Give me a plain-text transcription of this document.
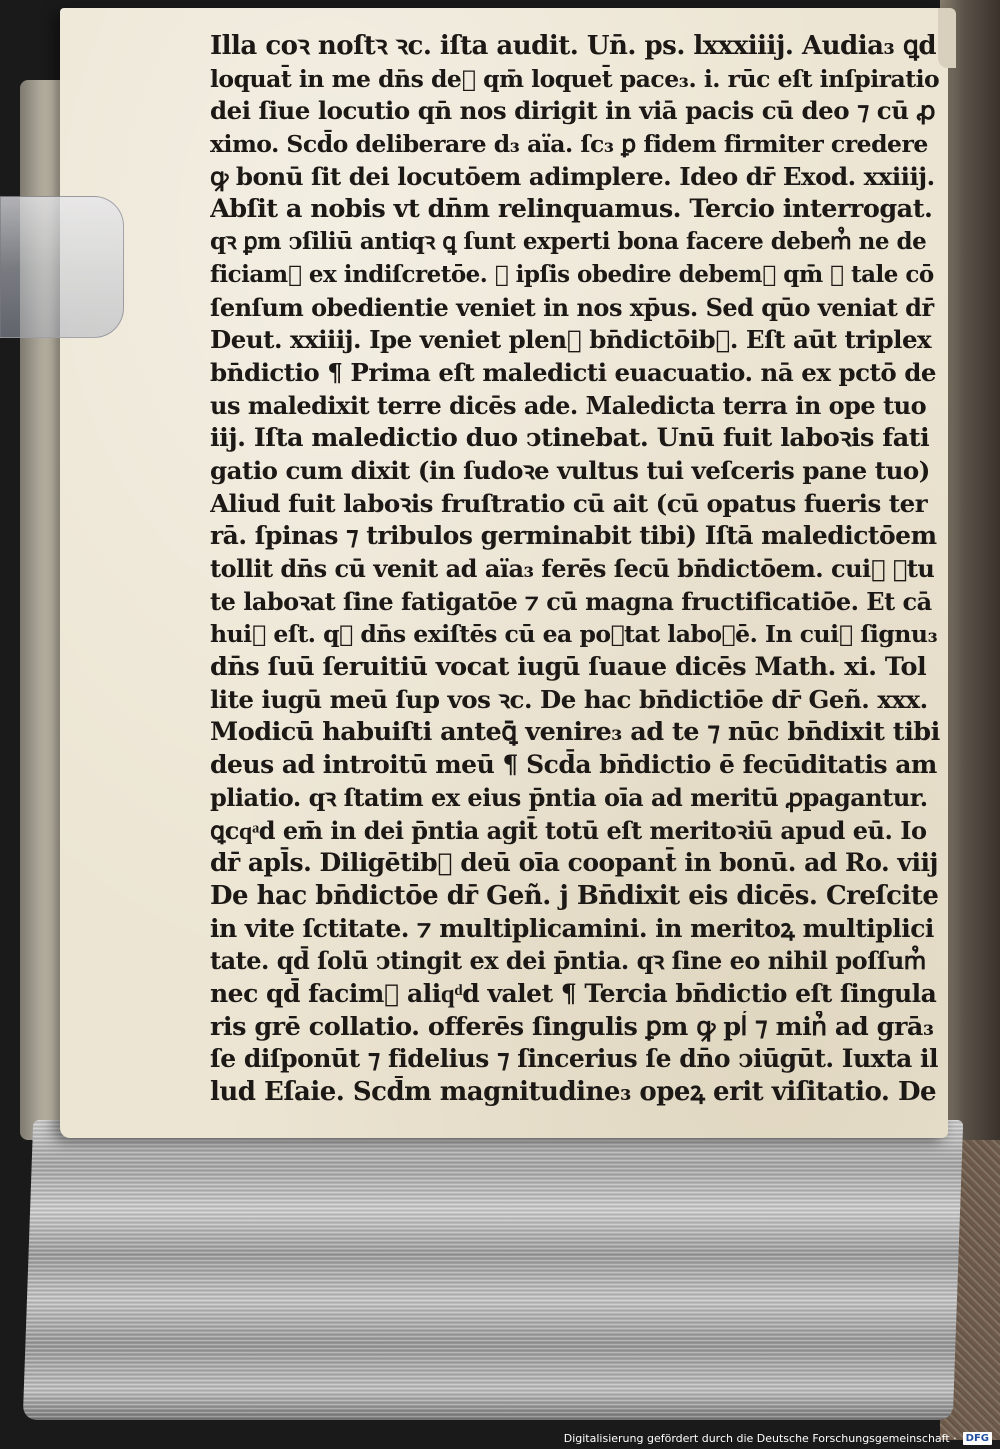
Illa coꝛ noſtꝛ ꝛc. iſta audit. Un̄. ps. lxxxiiij. Audia₃ ꝗd
loquat̄ in me dn̄s de᷒ qm̄ loquet̄ pace₃. i. rūc eſt inſpiratio
dei ſiue locutio qn̄ nos dirigit in viā pacis cū deo ⁊ cū ꝓ
ximo. Scd̄o deliberare d₃ aïa. ſc₃ ꝑ fidem firmiter credere
ꝙ bonū ſit dei locutōem adimplere. Ideo dr̄ Exod. xxiiij.
Abſit a nobis vt dn̄m relinquamus. Tercio interrogat.
qꝛ ꝑm ↄſiliū antiqꝛ ꝗ ſunt experti bona facere debem᷒ ne de
ficiam᷒ ex indiſcretōe. ⁊ ipſis obedire debem᷒ qm̄ ꝑ tale cō
ſenſum obedientie veniet in nos xp̄us. Sed qūo veniat dr̄
Deut. xxiiij. Ipe veniet plen᷒ bn̄dictōib᷒. Eſt aūt triplex
bn̄dictio ¶ Prima eſt maledicti euacuatio. nā ex pctō de
us maledixit terre dicēs ade. Maledicta terra in ope tuo
iij. Iſta maledictio duo ↄtinebat. Unū fuit laboꝛis fati
gatio cum dixit (in ſudoꝛe vultus tui veſceris pane tuo)
Aliud fuit laboꝛis fruſtratio cū ait (cū opatus fueris ter
rā. ſpinas ⁊ tribulos germinabit tibi) Iſtā maledictōem
tollit dn̄s cū venit ad aïa₃ ferēs ſecū bn̄dictōem. cui᷒ ꝟtu
te laboꝛat ſine fatigatōe ⁊ cū magna fructificatiōe. Et cā
hui᷒ eſt. qꝛ dn̄s exiſtēs cū ea poꝛtat laboꝛē. In cui᷒ ſignu₃
dn̄s ſuū ſeruitiū vocat iugū ſuaue dicēs Math. xi. Tol
lite iugū meū ſup vos ꝛc. De hac bn̄dictiōe dr̄ Geñ. xxx.
Modicū habuiſti anteꝗ̄ venire₃ ad te ⁊ nūc bn̄dixit tibi
deus ad introitū meū ¶ Scd̄a bn̄dictio ē fecūditatis am
pliatio. qꝛ ſtatim ex eius p̄ntia oīa ad meritū ꝓpagantur.
ꝗcqͣd em̄ in dei p̄ntia agit̄ totū eſt meritoꝛiū apud eū. Io
dr̄ apl̄s. Diligētib᷒ deū oīa coopant̄ in bonū. ad Ro. viij
De hac bn̄dictōe dr̄ Geñ. j Bn̄dixit eis dicēs. Creſcite
in vite ſctitate. ⁊ multiplicamini. in meritoꝝ multiplici
tate. qd̄ ſolū ↄtingit ex dei p̄ntia. qꝛ ſine eo nihil poſſum᷒
nec qd̄ facim᷒ aliqͩd valet ¶ Tercia bn̄dictio eſt ſingula
ris grē collatio. offerēs ſingulis ꝑm ꝙ pl᷒ ⁊ min᷒ ad grā₃
ſe diſponūt ⁊ fidelius ⁊ ſincerius ſe dn̄o ↄiūgūt. Iuxta il
lud Eſaie. Scd̄m magnitudine₃ opeꝝ erit viſitatio. De
Digitalisierung gefördert durch die Deutsche Forschungsgemeinschaft · DFG
